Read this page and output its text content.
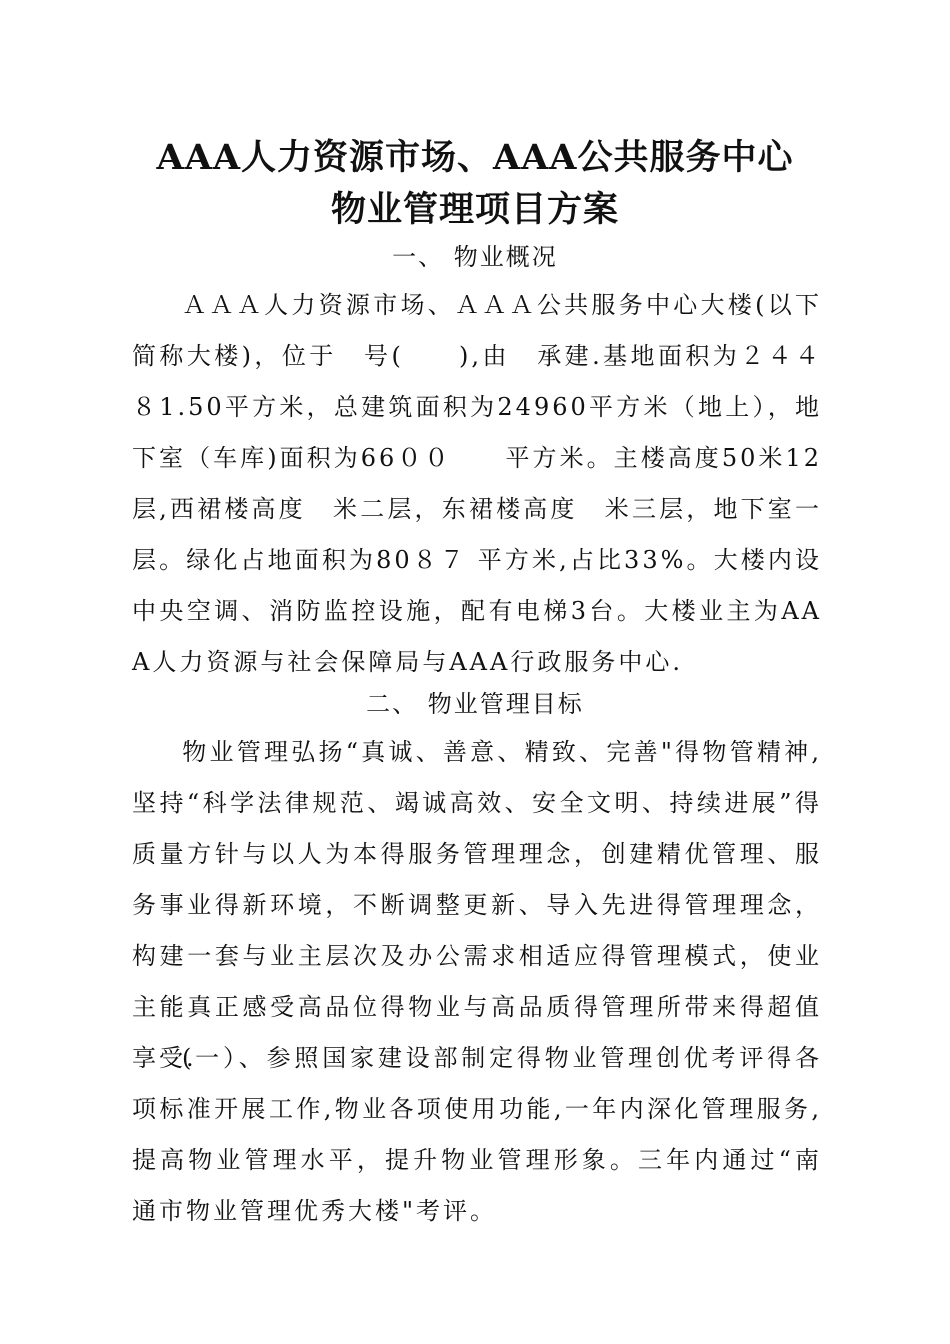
AAA人力资源市场、AAA公共服务中心
物业管理项目方案
一、 物业概况

ＡＡＡ人力资源市场、ＡＡＡ公共服务中心大楼(以下简称大楼)，位于　号(　　),由　承建.基地面积为２４４８1.50平方米，总建筑面积为24960平方米（地上），地下室（车库)面积为66００　　平方米。主楼高度50米12层,西裙楼高度　米二层，东裙楼高度　米三层，地下室一层。绿化占地面积为80８７ 平方米,占比33%。大楼内设中央空调、消防监控设施，配有电梯3台。大楼业主为AAA人力资源与社会保障局与AAA行政服务中心.

二、 物业管理目标

物业管理弘扬“真诚、善意、精致、完善"得物管精神,坚持“科学法律规范、竭诚高效、安全文明、持续进展”得质量方针与以人为本得服务管理理念，创建精优管理、服务事业得新环境，不断调整更新、导入先进得管理理念，构建一套与业主层次及办公需求相适应得管理模式，使业主能真正感受高品位得物业与高品质得管理所带来得超值享受.

(一）、参照国家建设部制定得物业管理创优考评得各项标准开展工作,物业各项使用功能,一年内深化管理服务,提高物业管理水平，提升物业管理形象。三年内通过“南通市物业管理优秀大楼"考评。
